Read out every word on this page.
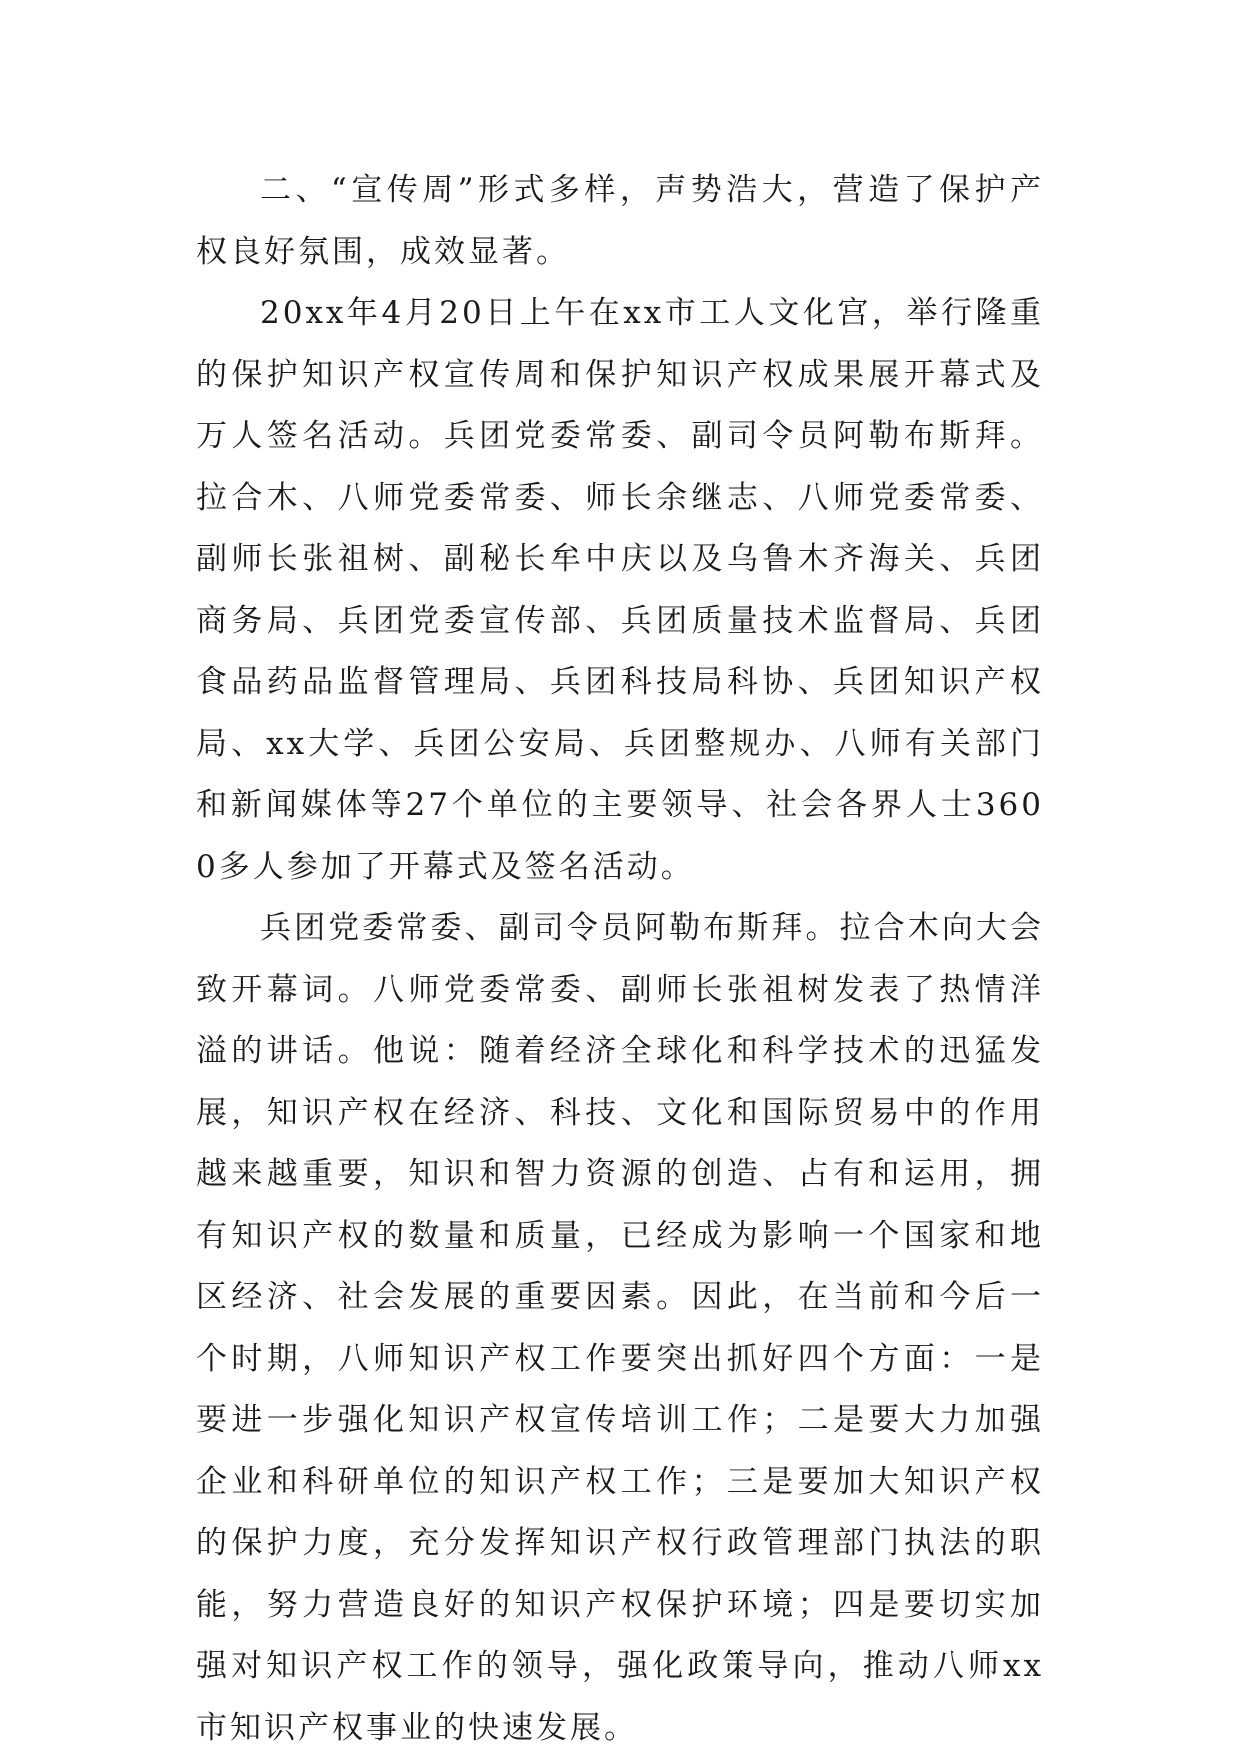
二、“宣传周”形式多样，声势浩大，营造了保护产权良好氛围，成效显著。

20xx年4月20日上午在xx市工人文化宫，举行隆重的保护知识产权宣传周和保护知识产权成果展开幕式及万人签名活动。兵团党委常委、副司令员阿勒布斯拜。拉合木、八师党委常委、师长余继志、八师党委常委、副师长张祖树、副秘长牟中庆以及乌鲁木齐海关、兵团商务局、兵团党委宣传部、兵团质量技术监督局、兵团食品药品监督管理局、兵团科技局科协、兵团知识产权局、xx大学、兵团公安局、兵团整规办、八师有关部门和新闻媒体等27个单位的主要领导、社会各界人士3600多人参加了开幕式及签名活动。

兵团党委常委、副司令员阿勒布斯拜。拉合木向大会致开幕词。八师党委常委、副师长张祖树发表了热情洋溢的讲话。他说：随着经济全球化和科学技术的迅猛发展，知识产权在经济、科技、文化和国际贸易中的作用越来越重要，知识和智力资源的创造、占有和运用，拥有知识产权的数量和质量，已经成为影响一个国家和地区经济、社会发展的重要因素。因此，在当前和今后一个时期，八师知识产权工作要突出抓好四个方面：一是要进一步强化知识产权宣传培训工作；二是要大力加强企业和科研单位的知识产权工作；三是要加大知识产权的保护力度，充分发挥知识产权行政管理部门执法的职能，努力营造良好的知识产权保护环境；四是要切实加强对知识产权工作的领导，强化政策导向，推动八师xx市知识产权事业的快速发展。
